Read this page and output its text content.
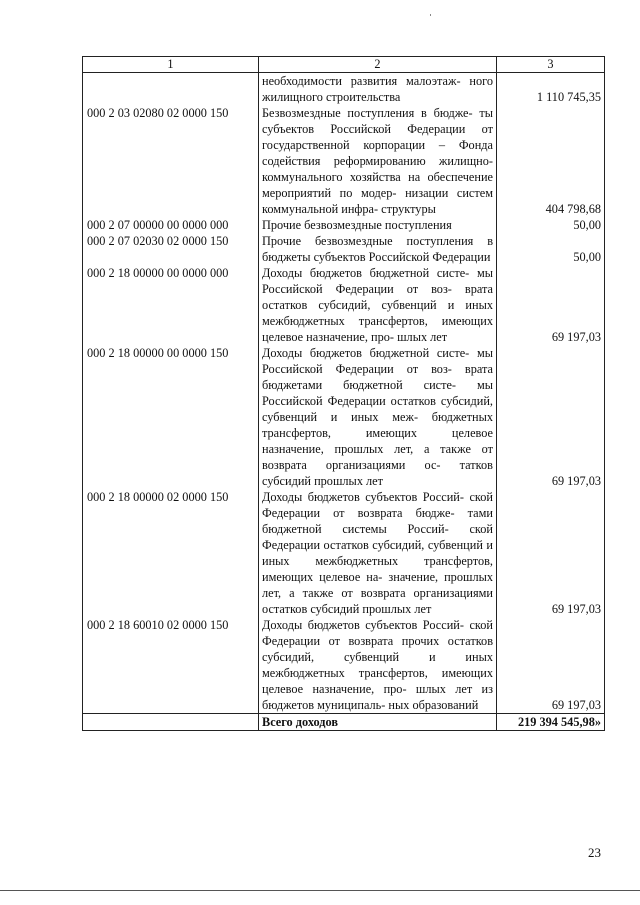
1	2	3
	необходимости развития малоэтаж- ного жилищного строительства	1 110 745,35
000 2 03 02080 02 0000 150	Безвозмездные поступления в бюдже- ты субъектов Российской Федерации от государственной корпорации – Фонда содействия реформированию жилищно-коммунального хозяйства на обеспечение мероприятий по модер- низации систем коммунальной инфра- структуры	404 798,68
000 2 07 00000 00 0000 000	Прочие безвозмездные поступления	50,00
000 2 07 02030 02 0000 150	Прочие безвозмездные поступления в бюджеты субъектов Российской Федерации	50,00
000 2 18 00000 00 0000 000	Доходы бюджетов бюджетной систе- мы Российской Федерации от воз- врата остатков субсидий, субвенций и иных межбюджетных трансфертов, имеющих целевое назначение, про- шлых лет	69 197,03
000 2 18 00000 00 0000 150	Доходы бюджетов бюджетной систе- мы Российской Федерации от воз- врата бюджетами бюджетной систе- мы Российской Федерации остатков субсидий, субвенций и иных меж- бюджетных трансфертов, имеющих целевое назначение, прошлых лет, а также от возврата организациями ос- татков субсидий прошлых лет	69 197,03
000 2 18 00000 02 0000 150	Доходы бюджетов субъектов Россий- ской Федерации от возврата бюдже- тами бюджетной системы Россий- ской Федерации остатков субсидий, субвенций и иных межбюджетных трансфертов, имеющих целевое на- значение, прошлых лет, а также от возврата организациями остатков субсидий прошлых лет	69 197,03
000 2 18 60010 02 0000 150	Доходы бюджетов субъектов Россий- ской Федерации от возврата прочих остатков субсидий, субвенций и иных межбюджетных трансфертов, имеющих целевое назначение, про- шлых лет из бюджетов муниципаль- ных образований	69 197,03
	Всего доходов	219 394 545,98»
23
